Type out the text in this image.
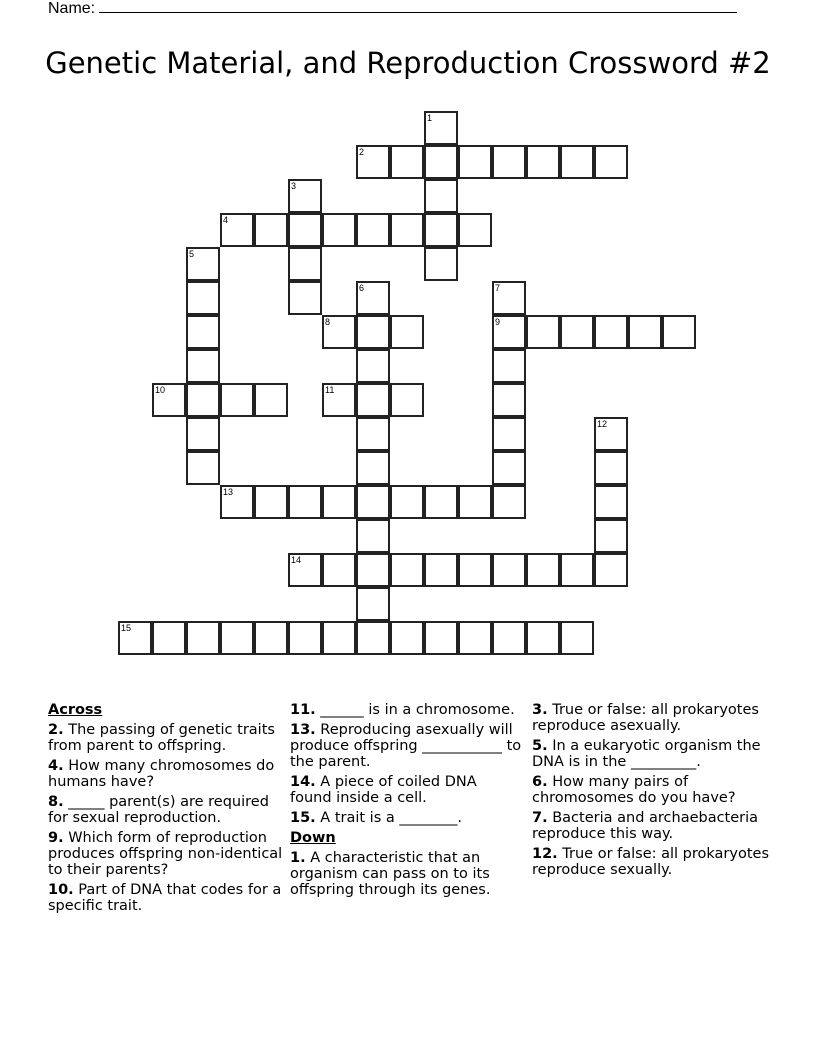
Name:
Genetic Material, and Reproduction Crossword #2
1
2
3
4
5
6	7
9
8
10	11
12
13
14
15
Across
2. The passing of genetic traits from parent to offspring.
4. How many chromosomes do humans have?
8. _____ parent(s) are required for sexual reproduction.
9. Which form of reproduction produces offspring non-identical to their parents?
10. Part of DNA that codes for a specific trait.
11. ______ is in a chromosome.
13. Reproducing asexually will produce offspring ___________ to the parent.
14. A piece of coiled DNA found inside a cell.
15. A trait is a ________.
Down
1. A characteristic that an organism can pass on to its offspring through its genes.
3. True or false: all prokaryotes reproduce asexually.
5. In a eukaryotic organism the DNA is in the _________.
6. How many pairs of chromosomes do you have?
7. Bacteria and archaebacteria reproduce this way.
12. True or false: all prokaryotes reproduce sexually.
